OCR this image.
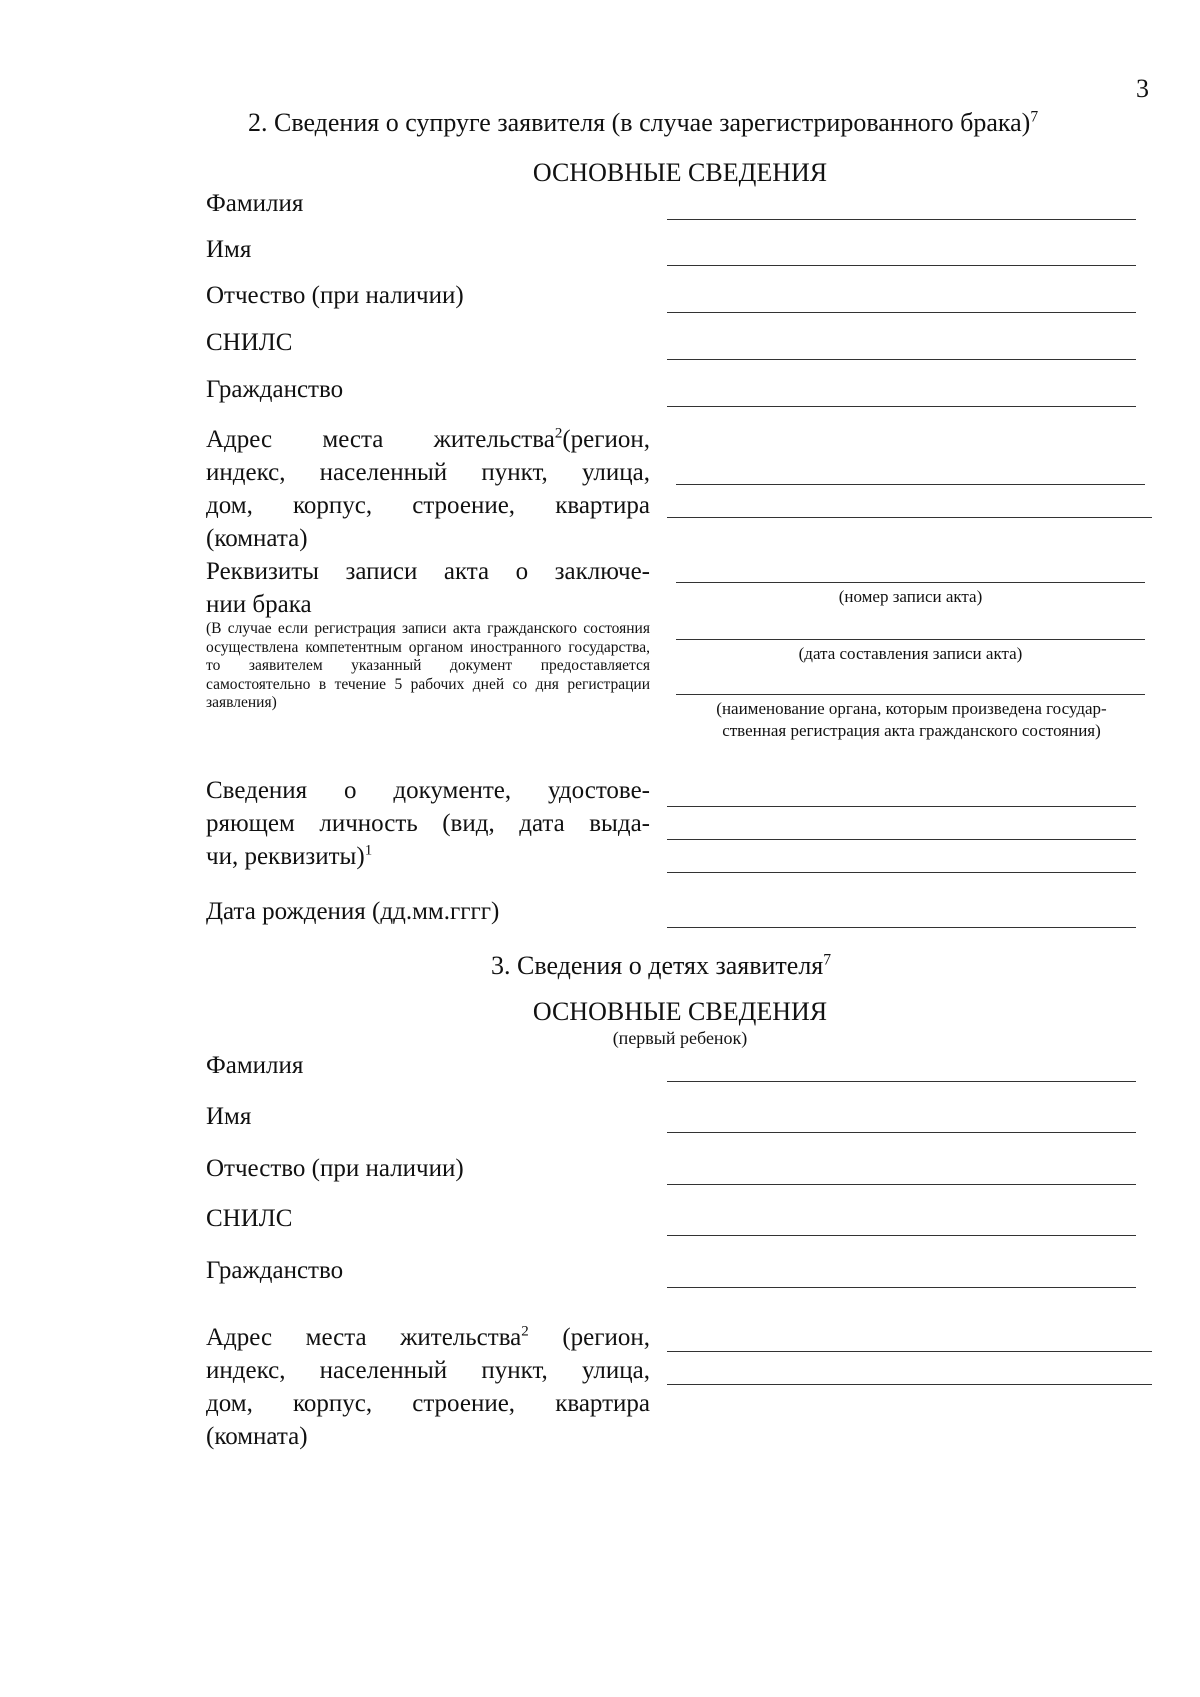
3
2. Сведения о супруге заявителя (в случае зарегистрированного брака)$^7$
ОСНОВНЫЕ СВЕДЕНИЯ
Фамилия
Имя
Отчество (при наличии)
СНИЛС
Гражданство
Адрес места жительства$^2$(регион,
индекс, населенный пункт, улица,
дом, корпус, строение, квартира
(комната)
Реквизиты записи акта о заключе-
нии брака
(В случае если регистрация записи акта гражданского состояния осуществлена компетентным органом иностранного государства, то заявителем указанный документ предоставляется самостоятельно в течение 5 рабочих дней со дня регистрации заявления)
(номер записи акта)
(дата составления записи акта)
(наименование органа, которым произведена государ-
ственная регистрация акта гражданского состояния)
Сведения о документе, удостове-
ряющем личность (вид, дата выда-
чи, реквизиты)$^1$
Дата рождения (дд.мм.гггг)
3. Сведения о детях заявителя$^7$
ОСНОВНЫЕ СВЕДЕНИЯ
(первый ребенок)
Фамилия
Имя
Отчество (при наличии)
СНИЛС
Гражданство
Адрес места жительства$^2$ (регион,
индекс, населенный пункт, улица,
дом, корпус, строение, квартира
(комната)
